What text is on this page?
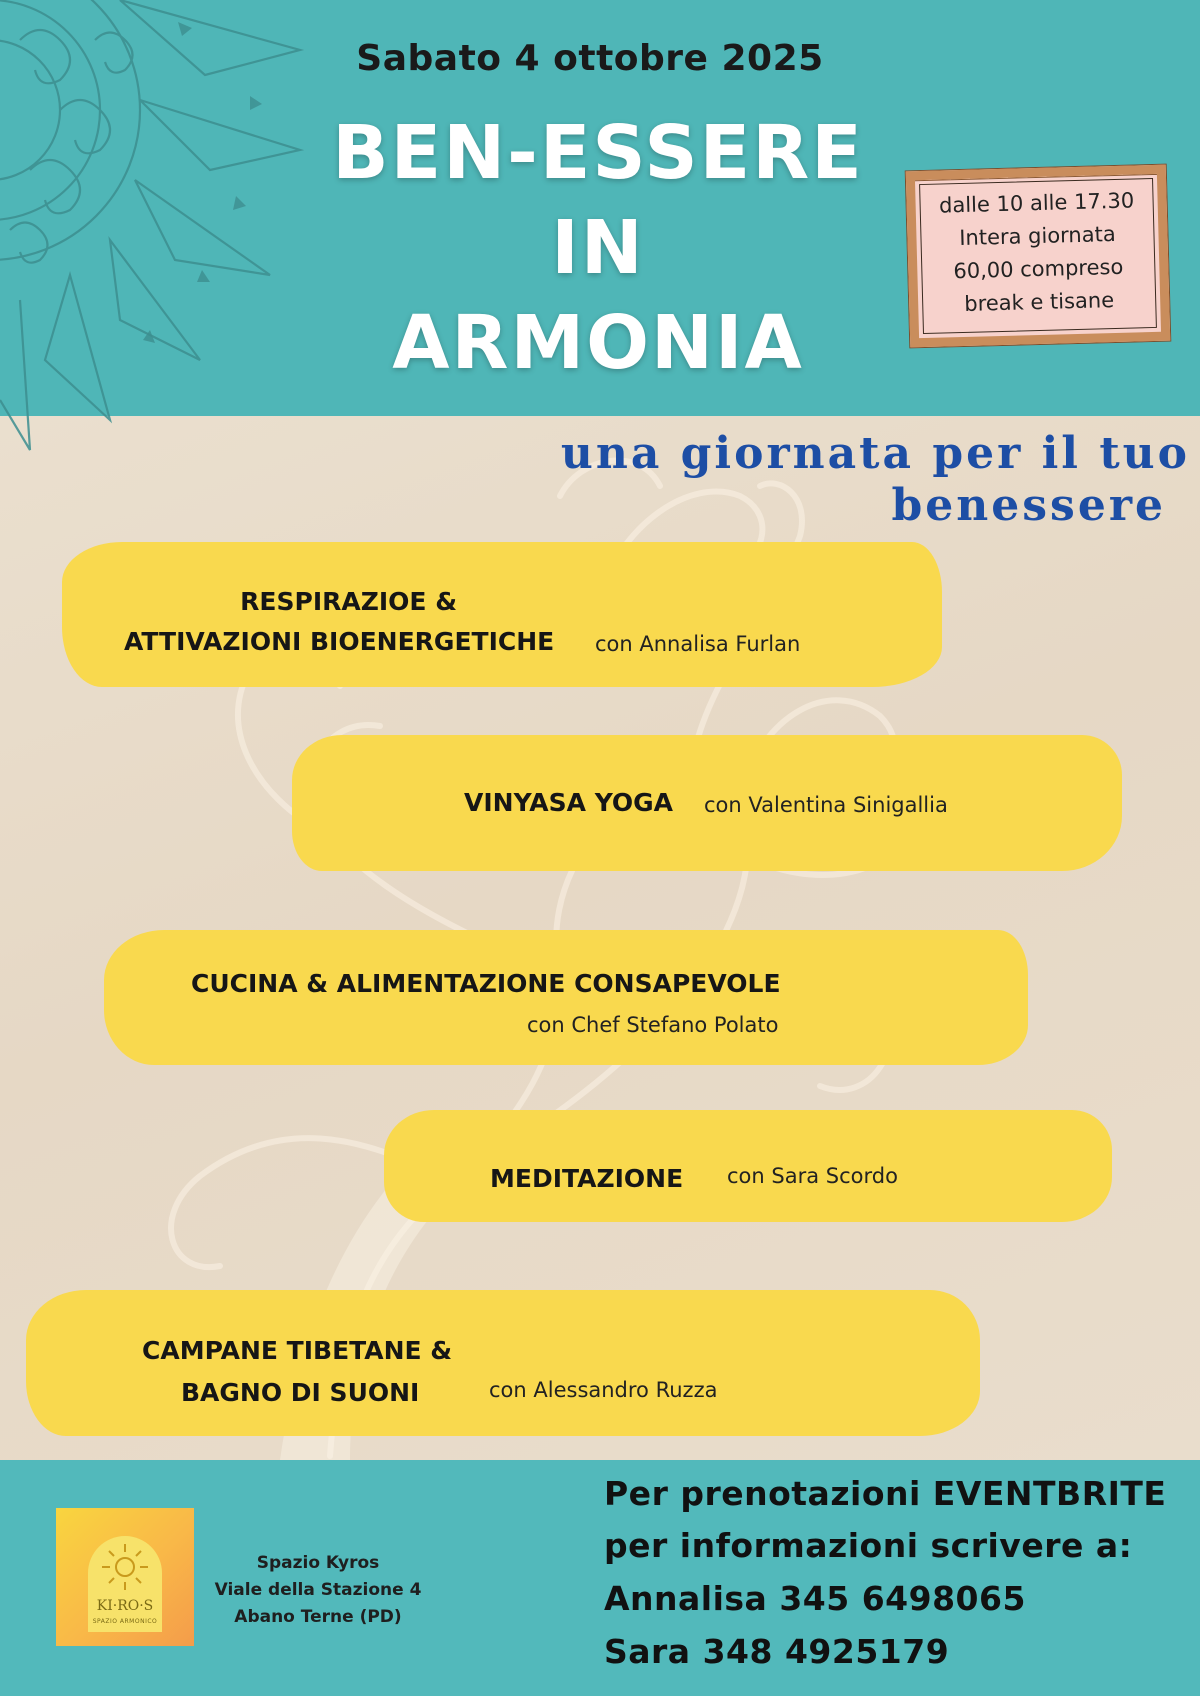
Sabato 4 ottobre 2025
BEN-ESSERE
IN
ARMONIA
dalle 10 alle 17.30
Intera giornata
60,00 compreso
break e tisane
una giornata per il tuo
benessere
RESPIRAZIOE &
ATTIVAZIONI BIOENERGETICHE con Annalisa Furlan
VINYASA YOGA con Valentina Sinigallia
CUCINA & ALIMENTAZIONE CONSAPEVOLE
con Chef Stefano Polato
MEDITAZIONE con Sara Scordo
CAMPANE TIBETANE &
BAGNO DI SUONI	con Alessandro Ruzza
KI·RO·S
SPAZIO ARMONICO
Spazio Kyros
Viale della Stazione 4
Abano Terne (PD)
Per prenotazioni EVENTBRITE
per informazioni scrivere a:
Annalisa 345 6498065
Sara 348 4925179
